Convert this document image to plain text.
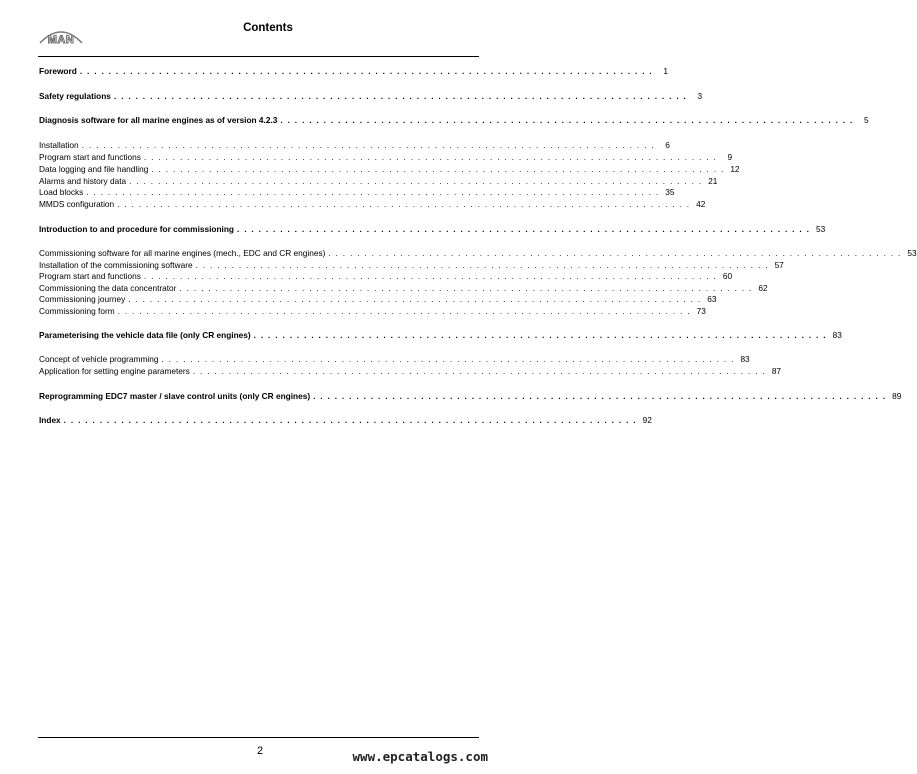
MAN
Contents
Foreword . . . . . . . . . . . . . . . . . . . . . . . . . . . . . . . . . . . . . . . . . . . . . . . . . . . . . . . . . . . . . . . . . . . . . . . . . . . . . . . .	1
Safety regulations . . . . . . . . . . . . . . . . . . . . . . . . . . . . . . . . . . . . . . . . . . . . . . . . . . . . . . . . . . . . . . . . . . . . . . . . . . . . . . . .	3
Diagnosis software for all marine engines as of version 4.2.3 . . . . . . . . . . . . . . . . . . . . . . . . . . . . . . . . . . . . . . . . . . . . . . . . . . . . . . . . . . . . . . . . . . . . . . . . . . . . . . . .	5
Installation . . . . . . . . . . . . . . . . . . . . . . . . . . . . . . . . . . . . . . . . . . . . . . . . . . . . . . . . . . . . . . . . . . . . . . . . . . . . . . . .	6
Program start and functions . . . . . . . . . . . . . . . . . . . . . . . . . . . . . . . . . . . . . . . . . . . . . . . . . . . . . . . . . . . . . . . . . . . . . . . . . . . . . . . .	9
Data logging and file handling . . . . . . . . . . . . . . . . . . . . . . . . . . . . . . . . . . . . . . . . . . . . . . . . . . . . . . . . . . . . . . . . . . . . . . . . . . . . . . . . 12
Alarms and history data . . . . . . . . . . . . . . . . . . . . . . . . . . . . . . . . . . . . . . . . . . . . . . . . . . . . . . . . . . . . . . . . . . . . . . . . . . . . . . . . 21
Load blocks . . . . . . . . . . . . . . . . . . . . . . . . . . . . . . . . . . . . . . . . . . . . . . . . . . . . . . . . . . . . . . . . . . . . . . . . . . . . . . . . 35
MMDS configuration . . . . . . . . . . . . . . . . . . . . . . . . . . . . . . . . . . . . . . . . . . . . . . . . . . . . . . . . . . . . . . . . . . . . . . . . . . . . . . . . 42
Introduction to and procedure for commissioning . . . . . . . . . . . . . . . . . . . . . . . . . . . . . . . . . . . . . . . . . . . . . . . . . . . . . . . . . . . . . . . . . . . . . . . . . . . . . . . . 53
Commissioning software for all marine engines (mech., EDC and CR engines) . . . . . . . . . . . . . . . . . . . . . . . . . . . . . . . . . . . . . . . . . . . . . . . . . . . . . . . . . . . . . . . . . . . . . . . . . . . . . . . . 53
Installation of the commissioning software . . . . . . . . . . . . . . . . . . . . . . . . . . . . . . . . . . . . . . . . . . . . . . . . . . . . . . . . . . . . . . . . . . . . . . . . . . . . . . . . 57
Program start and functions . . . . . . . . . . . . . . . . . . . . . . . . . . . . . . . . . . . . . . . . . . . . . . . . . . . . . . . . . . . . . . . . . . . . . . . . . . . . . . . . 60
Commissioning the data concentrator . . . . . . . . . . . . . . . . . . . . . . . . . . . . . . . . . . . . . . . . . . . . . . . . . . . . . . . . . . . . . . . . . . . . . . . . . . . . . . . . 62
Commissioning journey . . . . . . . . . . . . . . . . . . . . . . . . . . . . . . . . . . . . . . . . . . . . . . . . . . . . . . . . . . . . . . . . . . . . . . . . . . . . . . . . 63
Commissioning form . . . . . . . . . . . . . . . . . . . . . . . . . . . . . . . . . . . . . . . . . . . . . . . . . . . . . . . . . . . . . . . . . . . . . . . . . . . . . . . . 73
Parameterising the vehicle data file (only CR engines) . . . . . . . . . . . . . . . . . . . . . . . . . . . . . . . . . . . . . . . . . . . . . . . . . . . . . . . . . . . . . . . . . . . . . . . . . . . . . . . . 83
Concept of vehicle programming . . . . . . . . . . . . . . . . . . . . . . . . . . . . . . . . . . . . . . . . . . . . . . . . . . . . . . . . . . . . . . . . . . . . . . . . . . . . . . . . 83
Application for setting engine parameters . . . . . . . . . . . . . . . . . . . . . . . . . . . . . . . . . . . . . . . . . . . . . . . . . . . . . . . . . . . . . . . . . . . . . . . . . . . . . . . . 87
Reprogramming EDC7 master / slave control units (only CR engines) . . . . . . . . . . . . . . . . . . . . . . . . . . . . . . . . . . . . . . . . . . . . . . . . . . . . . . . . . . . . . . . . . . . . . . . . . . . . . . . . 89
Index . . . . . . . . . . . . . . . . . . . . . . . . . . . . . . . . . . . . . . . . . . . . . . . . . . . . . . . . . . . . . . . . . . . . . . . . . . . . . . . . 92
2	www.epcatalogs.com
